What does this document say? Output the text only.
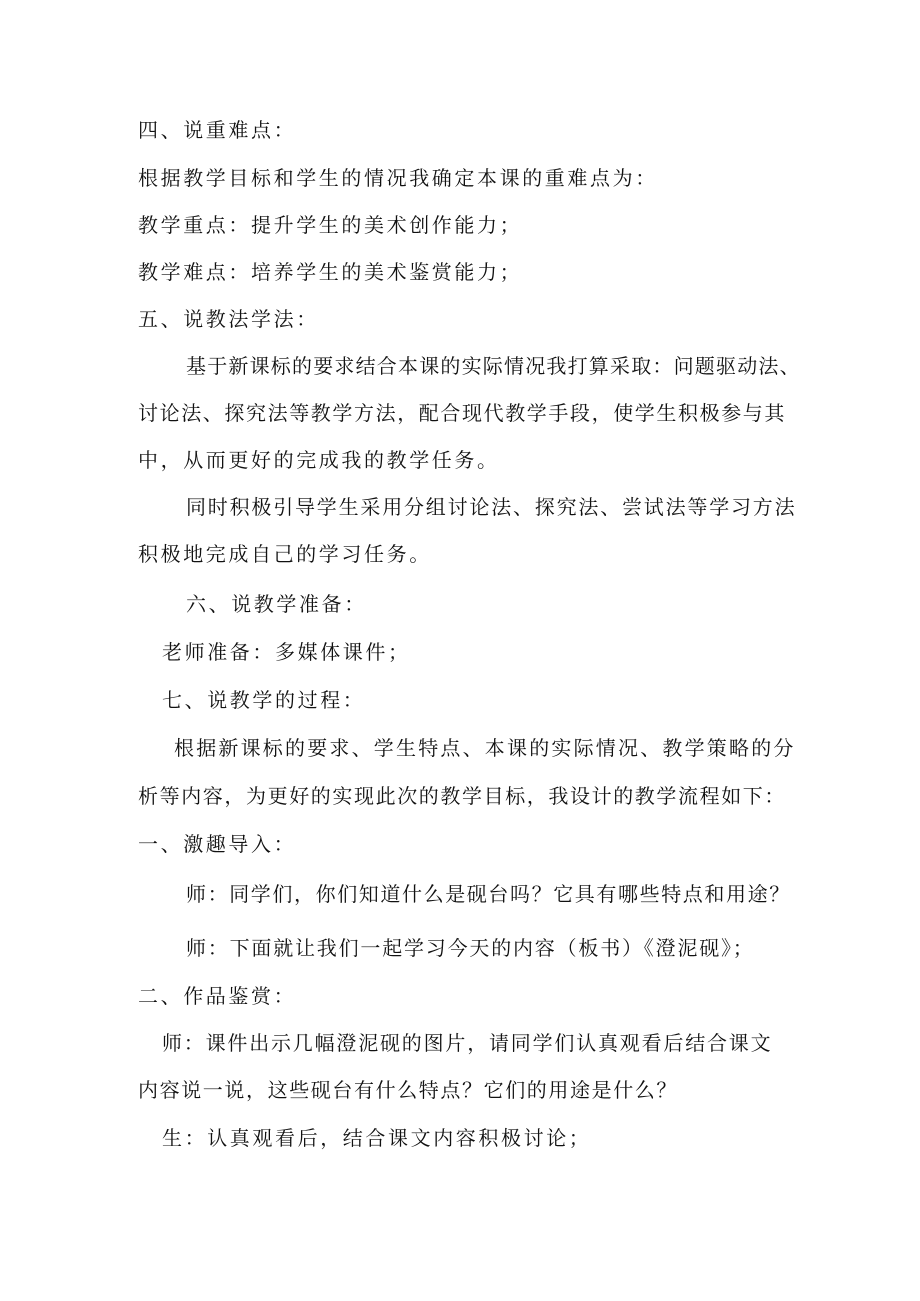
四、说重难点：
根据教学目标和学生的情况我确定本课的重难点为：
教学重点：提升学生的美术创作能力；
教学难点：培养学生的美术鉴赏能力；
五、说教法学法：
基于新课标的要求结合本课的实际情况我打算采取：问题驱动法、
讨论法、探究法等教学方法，配合现代教学手段，使学生积极参与其
中，从而更好的完成我的教学任务。
同时积极引导学生采用分组讨论法、探究法、尝试法等学习方法
积极地完成自己的学习任务。
六、说教学准备：
老师准备：多媒体课件；
七、说教学的过程：
根据新课标的要求、学生特点、本课的实际情况、教学策略的分
析等内容，为更好的实现此次的教学目标，我设计的教学流程如下：
一、激趣导入：
师：同学们，你们知道什么是砚台吗？它具有哪些特点和用途？
师：下面就让我们一起学习今天的内容（板书）《澄泥砚》；
二、作品鉴赏：
师：课件出示几幅澄泥砚的图片，请同学们认真观看后结合课文
内容说一说，这些砚台有什么特点？它们的用途是什么？
生：认真观看后，结合课文内容积极讨论；
